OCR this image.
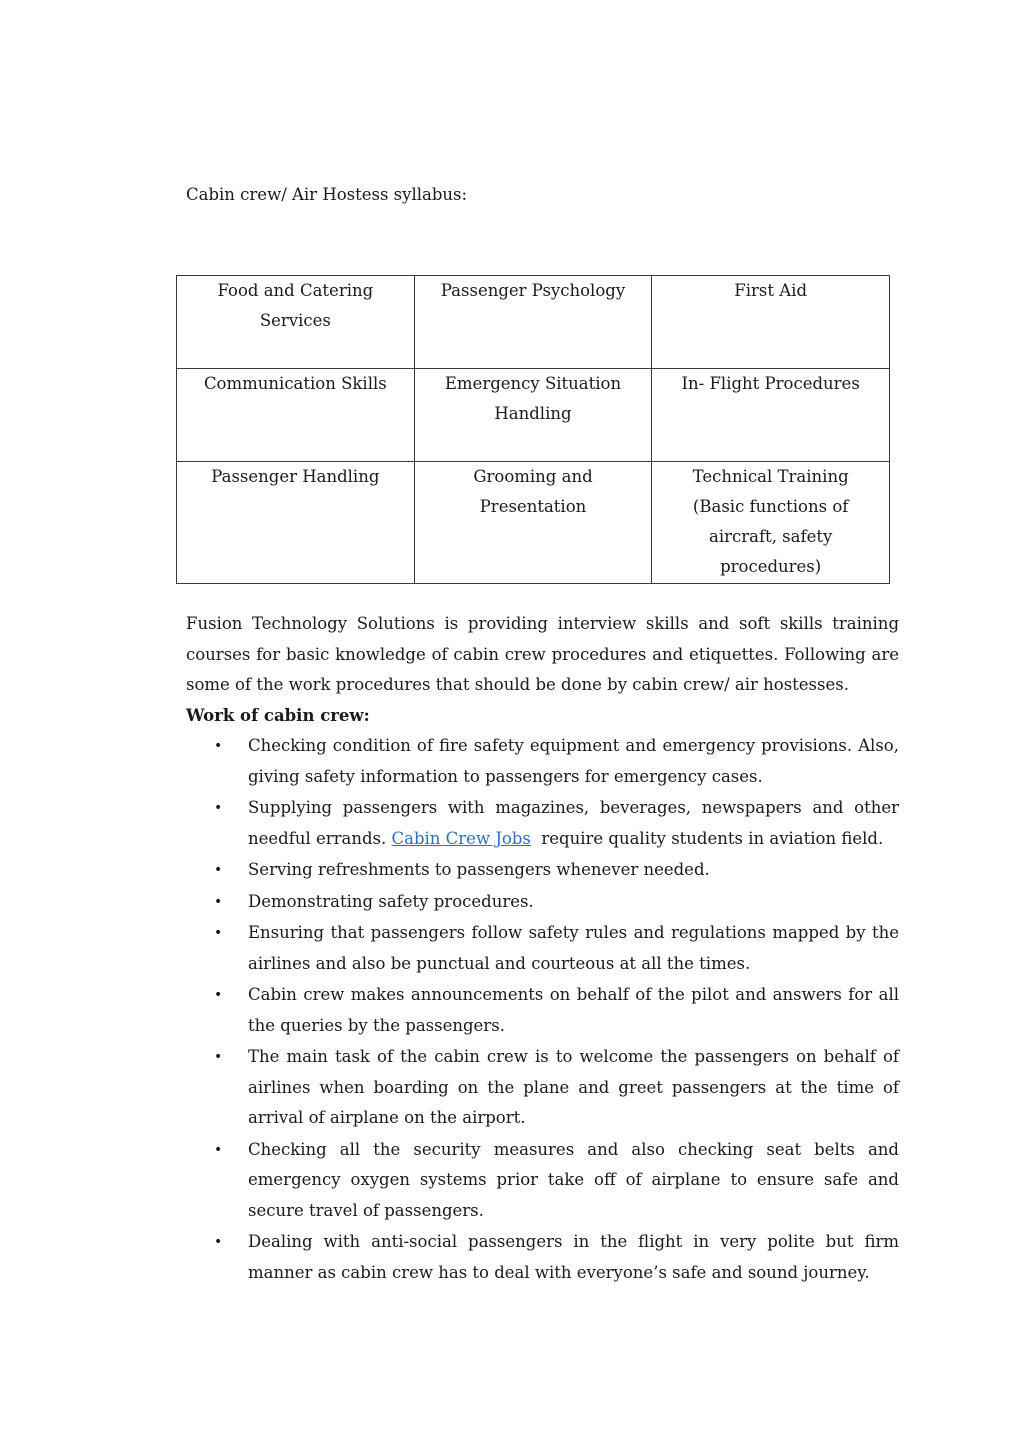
Cabin crew/ Air Hostess syllabus:

Food and Catering Services	Passenger Psychology	First Aid
Communication Skills	Emergency Situation Handling	In- Flight Procedures
Passenger Handling	Grooming and Presentation	Technical Training (Basic functions of aircraft, safety procedures)

Fusion Technology Solutions is providing interview skills and soft skills training courses for basic knowledge of cabin crew procedures and etiquettes. Following are some of the work procedures that should be done by cabin crew/ air hostesses.

Work of cabin crew:

• Checking condition of fire safety equipment and emergency provisions. Also, giving safety information to passengers for emergency cases.
• Supplying passengers with magazines, beverages, newspapers and other needful errands. Cabin Crew Jobs  require quality students in aviation field.
• Serving refreshments to passengers whenever needed.
• Demonstrating safety procedures.
• Ensuring that passengers follow safety rules and regulations mapped by the airlines and also be punctual and courteous at all the times.
• Cabin crew makes announcements on behalf of the pilot and answers for all the queries by the passengers.
• The main task of the cabin crew is to welcome the passengers on behalf of airlines when boarding on the plane and greet passengers at the time of arrival of airplane on the airport.
• Checking all the security measures and also checking seat belts and emergency oxygen systems prior take off of airplane to ensure safe and secure travel of passengers.
• Dealing with anti-social passengers in the flight in very polite but firm manner as cabin crew has to deal with everyone’s safe and sound journey.
